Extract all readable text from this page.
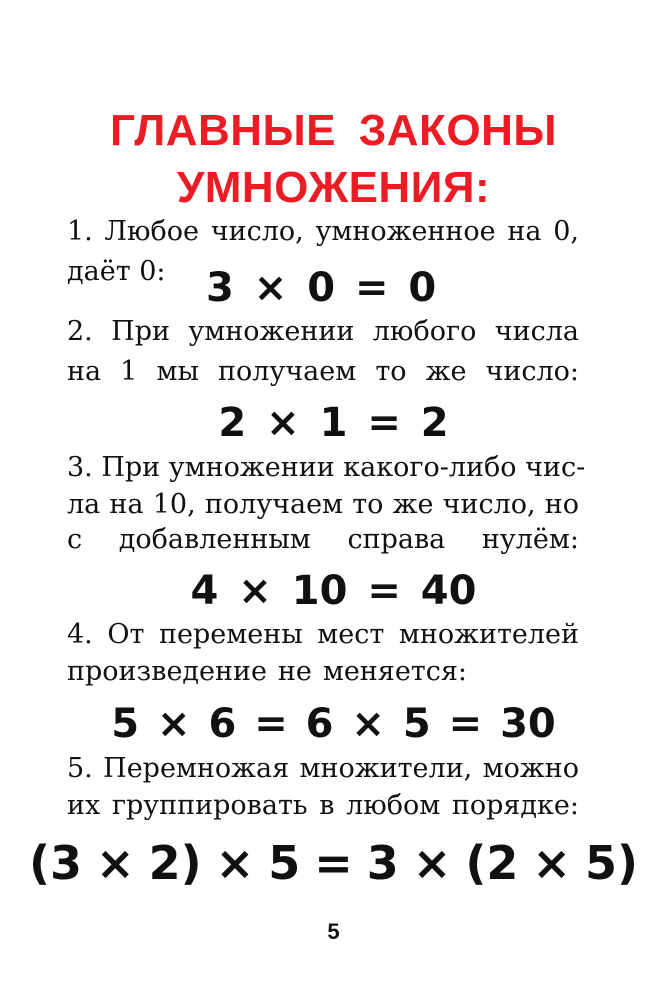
ГЛАВНЫЕ ЗАКОНЫ
УМНОЖЕНИЯ:

1. Любое число, умноженное на 0,

даёт 0:	3 × 0 = 0

2. При умножении любого числа

на 1 мы получаем то же число:

2 × 1 = 2

3. При умножении какого-либо чис-

ла на 10, получаем то же число, но

с добавленным справа нулём:

4 × 10 = 40

4. От перемены мест множителей

произведение не меняется:

5 × 6 = 6 × 5 = 30

5. Перемножая множители, можно

их группировать в любом порядке:

(3 × 2) × 5 = 3 × (2 × 5)

5
